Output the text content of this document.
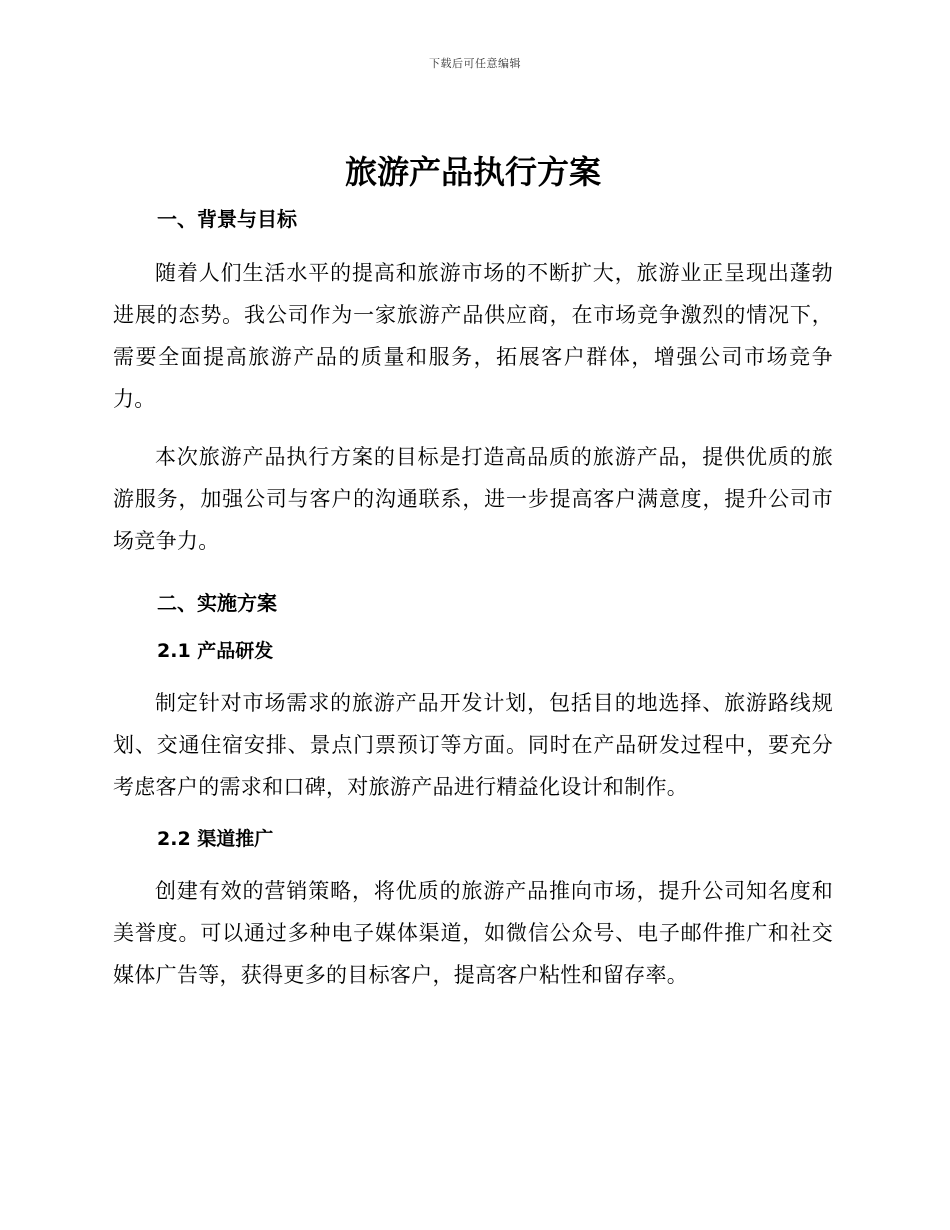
下载后可任意编辑
旅游产品执行方案
一、背景与目标

随着人们生活水平的提高和旅游市场的不断扩大，旅游业正呈现出蓬勃进展的态势。我公司作为一家旅游产品供应商，在市场竞争激烈的情况下，需要全面提高旅游产品的质量和服务，拓展客户群体，增强公司市场竞争力。

本次旅游产品执行方案的目标是打造高品质的旅游产品，提供优质的旅游服务，加强公司与客户的沟通联系，进一步提高客户满意度，提升公司市场竞争力。

二、实施方案
2.1 产品研发

制定针对市场需求的旅游产品开发计划，包括目的地选择、旅游路线规划、交通住宿安排、景点门票预订等方面。同时在产品研发过程中，要充分考虑客户的需求和口碑，对旅游产品进行精益化设计和制作。

2.2 渠道推广

创建有效的营销策略，将优质的旅游产品推向市场，提升公司知名度和美誉度。可以通过多种电子媒体渠道，如微信公众号、电子邮件推广和社交媒体广告等，获得更多的目标客户，提高客户粘性和留存率。
